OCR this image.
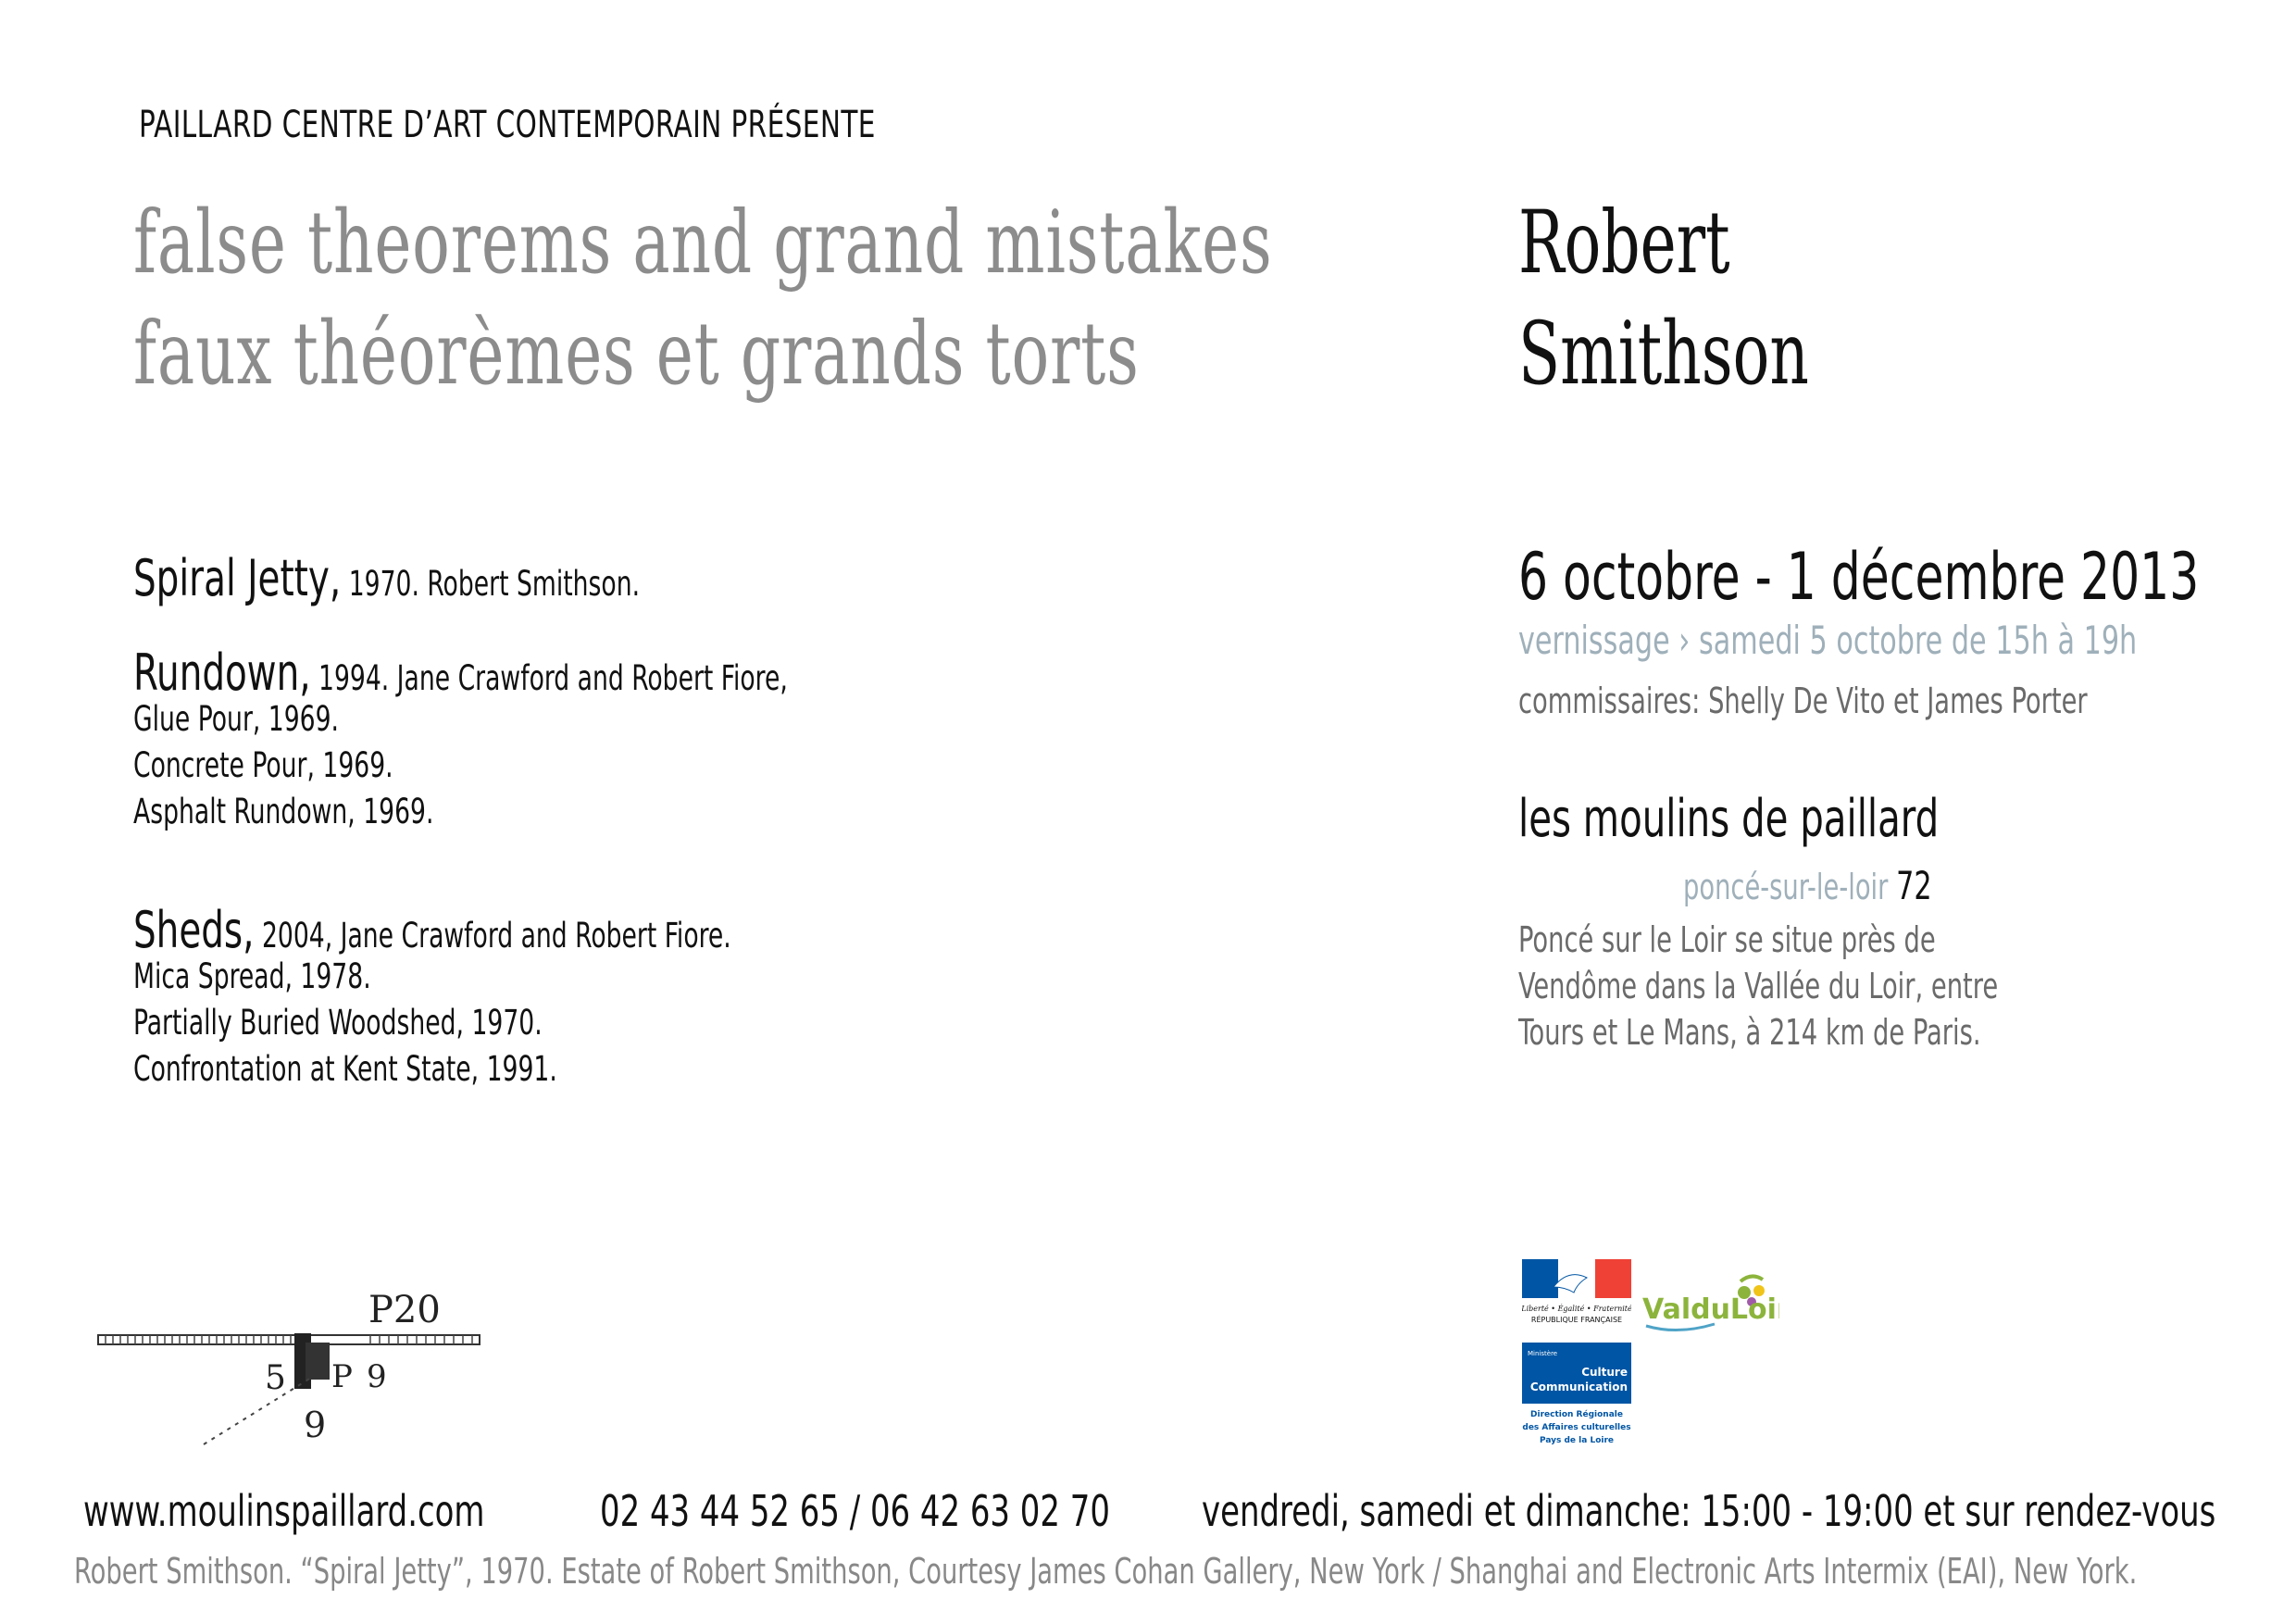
PAILLARD CENTRE D’ART CONTEMPORAIN PRÉSENTE
false theorems and grand mistakes
faux théorèmes et grands torts
Robert
Smithson
Spiral Jetty, 1970. Robert Smithson.
Rundown, 1994. Jane Crawford and Robert Fiore,
Glue Pour, 1969.
Concrete Pour, 1969.
Asphalt Rundown, 1969.
Sheds, 2004, Jane Crawford and Robert Fiore.
Mica Spread, 1978.
Partially Buried Woodshed, 1970.
Confrontation at Kent State, 1991.
6 octobre - 1 décembre 2013
vernissage › samedi 5 octobre de 15h à 19h
commissaires: Shelly De Vito et James Porter
les moulins de paillard
poncé-sur-le-loir 72
Poncé sur le Loir se situe près de
Vendôme dans la Vallée du Loir, entre
Tours et Le Mans, à 214 km de Paris.
Liberté • Égalité • Fraternité
RÉPUBLIQUE FRANÇAISE ValduLoir
Ministère
Culture
Communication
Direction Régionale
des Affaires culturelles
Pays de la Loire
P20
5 P 9
9
www.moulinspaillard.com	02 43 44 52 65 / 06 42 63 02 70 vendredi, samedi et dimanche: 15:00 - 19:00 et sur rendez-vous
Robert Smithson. “Spiral Jetty”, 1970. Estate of Robert Smithson, Courtesy James Cohan Gallery, New York / Shanghai and Electronic Arts Intermix (EAI), New York.
